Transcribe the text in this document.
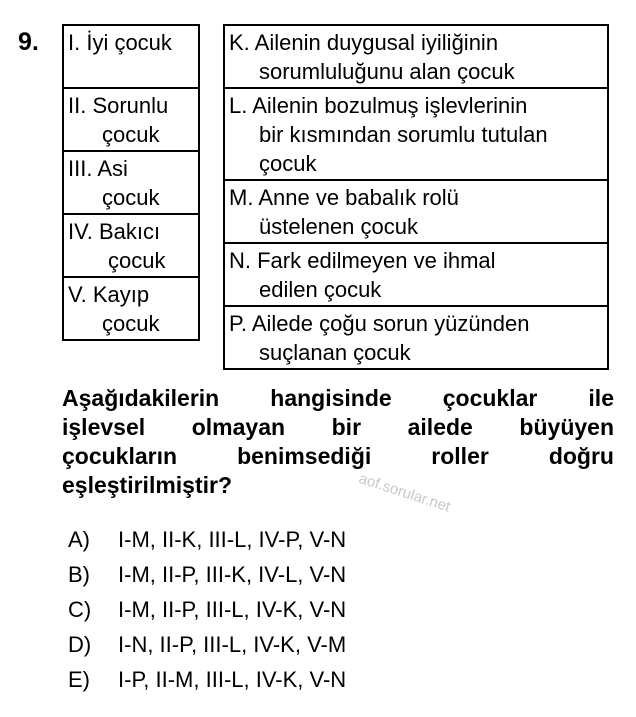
9. I. İyi çocuk

II. Sorunlu
çocuk

III. Asi
çocuk

IV. Bakıcı
çocuk

V. Kayıp
çocuk
K. Ailenin duygusal iyiliğinin
sorumluluğunu alan çocuk

L. Ailenin bozulmuş işlevlerinin
bir kısmından sorumlu tutulan
çocuk

M. Anne ve babalık rolü
üstelenen çocuk

N. Fark edilmeyen ve ihmal
edilen çocuk

P. Ailede çoğu sorun yüzünden
suçlanan çocuk
Aşağıdakilerin hangisinde çocuklar ile
işlevsel olmayan bir ailede büyüyen
çocukların benimsediği roller doğru
eşleştirilmiştir?	aof.sorular.net
A) I-M, II-K, III-L, IV-P, V-N
B) I-M, II-P, III-K, IV-L, V-N
C) I-M, II-P, III-L, IV-K, V-N
D) I-N, II-P, III-L, IV-K, V-M
E) I-P, II-M, III-L, IV-K, V-N
